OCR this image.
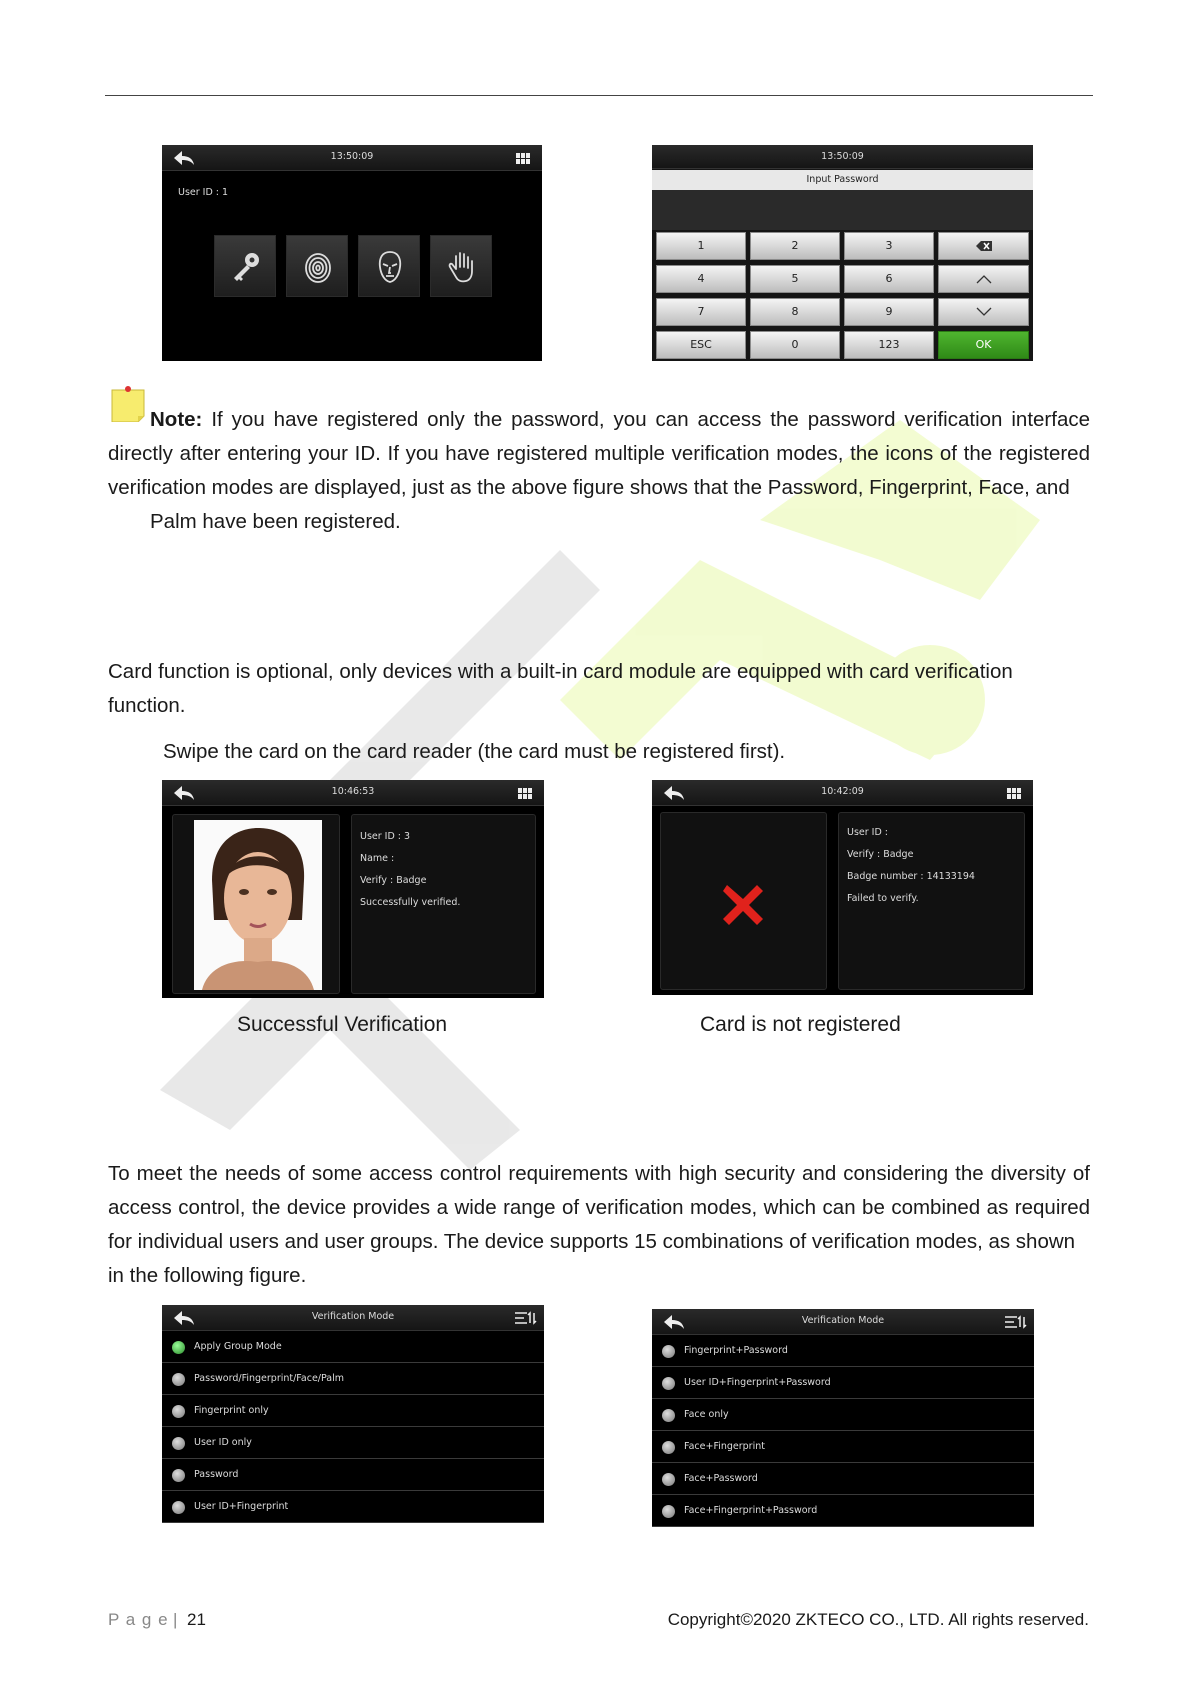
13:50:09
User ID : 1
13:50:09
Input Password
1	2	3
4	5	6
7	8	9
ESC	0	123	OK
Note: If you have registered only the password, you can access the password verification interface directly after entering your ID. If you have registered multiple verification modes, the icons of the registered verification modes are displayed, just as the above figure shows that the Password, Fingerprint, Face, and
Palm have been registered.
Card function is optional, only devices with a built-in card module are equipped with card verification
function.
Swipe the card on the card reader (the card must be registered first).
10:46:53
User ID : 3
Name :
Verify : Badge
Successfully verified.
10:42:09
User ID :
Verify : Badge
Badge number : 14133194
Failed to verify.
Successful Verification	Card is not registered
To meet the needs of some access control requirements with high security and considering the diversity of access control, the device provides a wide range of verification modes, which can be combined as required for individual users and user groups. The device supports 15 combinations of verification modes, as shown
in the following figure.
Verification Mode
Apply Group Mode
Password/Fingerprint/Face/Palm
Fingerprint only
User ID only
Password
User ID+Fingerprint
Verification Mode
Fingerprint+Password
User ID+Fingerprint+Password
Face only
Face+Fingerprint
Face+Password
Face+Fingerprint+Password
P a g e | 21	Copyright©2020 ZKTECO CO., LTD. All rights reserved.
